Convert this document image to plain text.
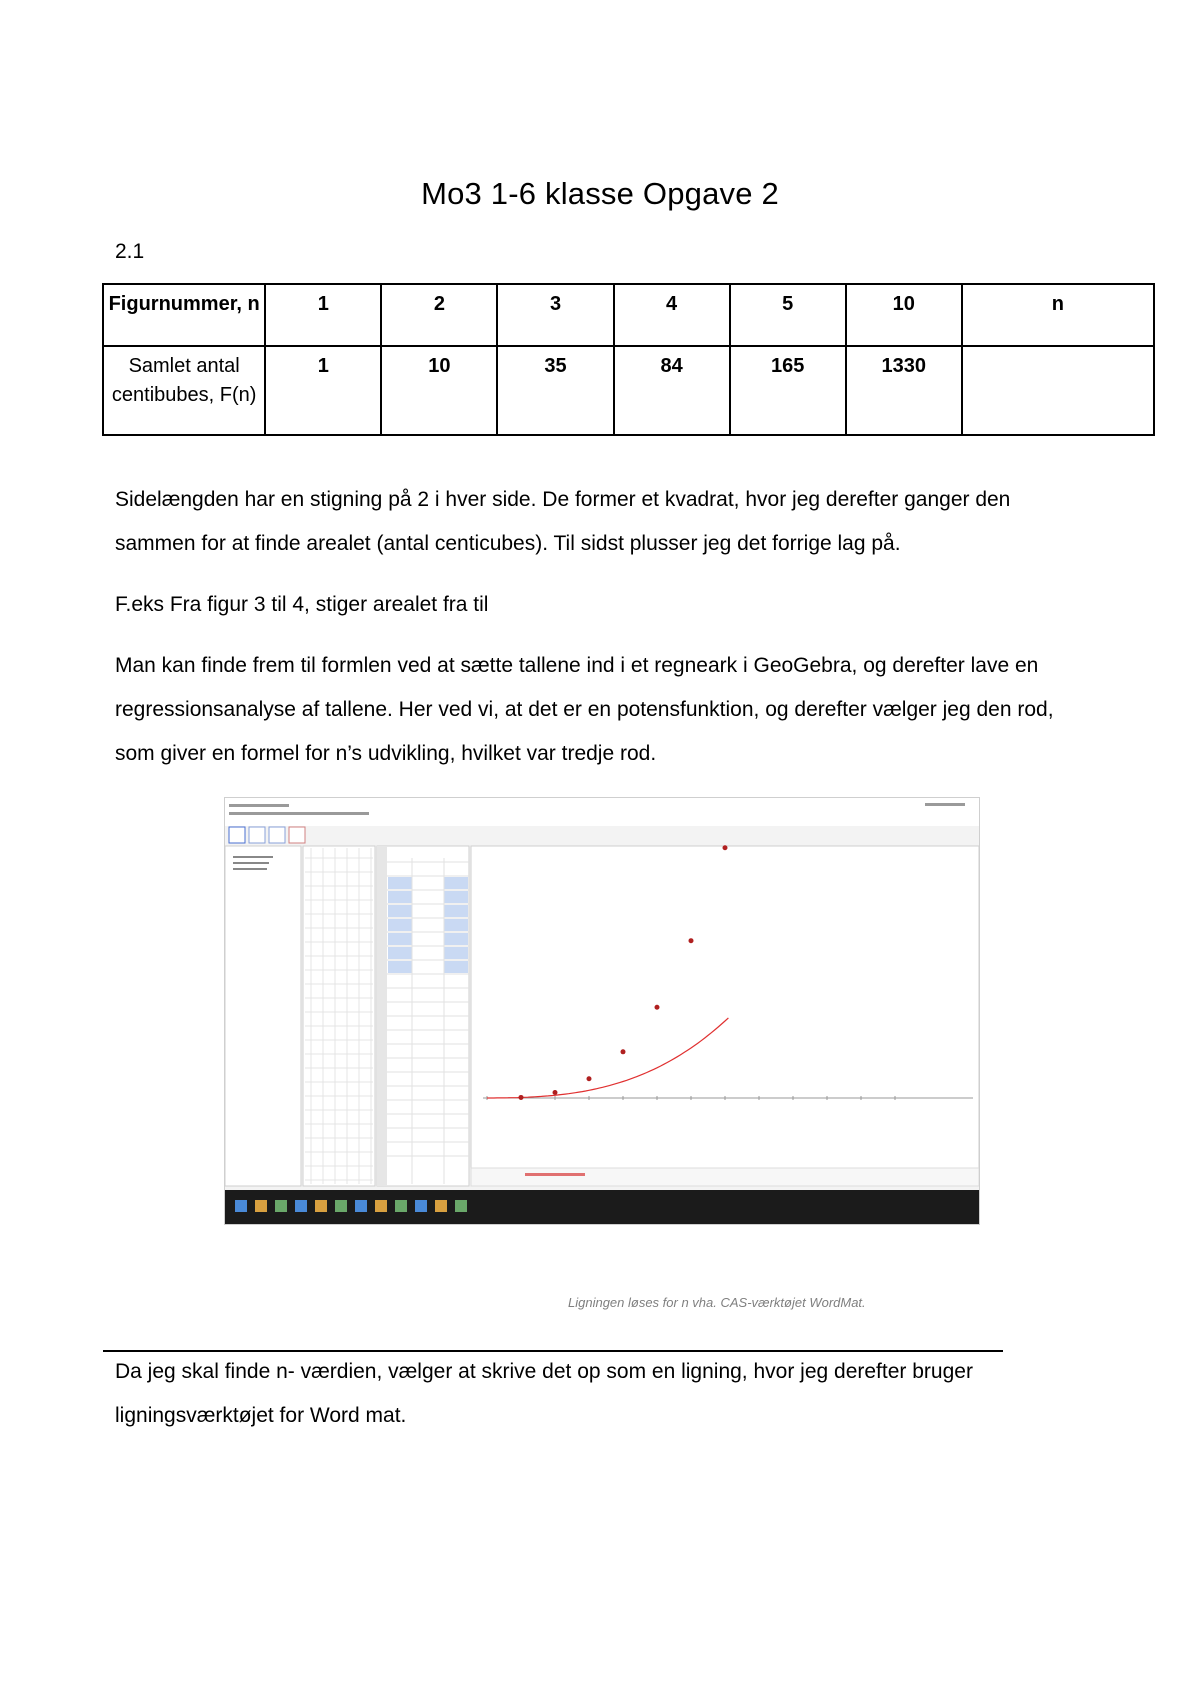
Mo3 1-6 klasse Opgave 2
2.1
Figurnummer, n	1	2	3	4	5	10	n
Samlet antal centibubes, F(n)	1	10	35	84	165	1330	
Sidelængden har en stigning på 2 i hver side. De former et kvadrat, hvor jeg derefter ganger den sammen for at finde arealet (antal centicubes). Til sidst plusser jeg det forrige lag på.
F.eks Fra figur 3 til 4, stiger arealet fra til
Man kan finde frem til formlen ved at sætte tallene ind i et regneark i GeoGebra, og derefter lave en regressionsanalyse af tallene. Her ved vi, at det er en potensfunktion, og derefter vælger jeg den rod, som giver en formel for n’s udvikling, hvilket var tredje rod.
Ligningen løses for n vha. CAS-værktøjet WordMat.
Da jeg skal finde n- værdien, vælger at skrive det op som en ligning, hvor jeg derefter bruger ligningsværktøjet for Word mat.
